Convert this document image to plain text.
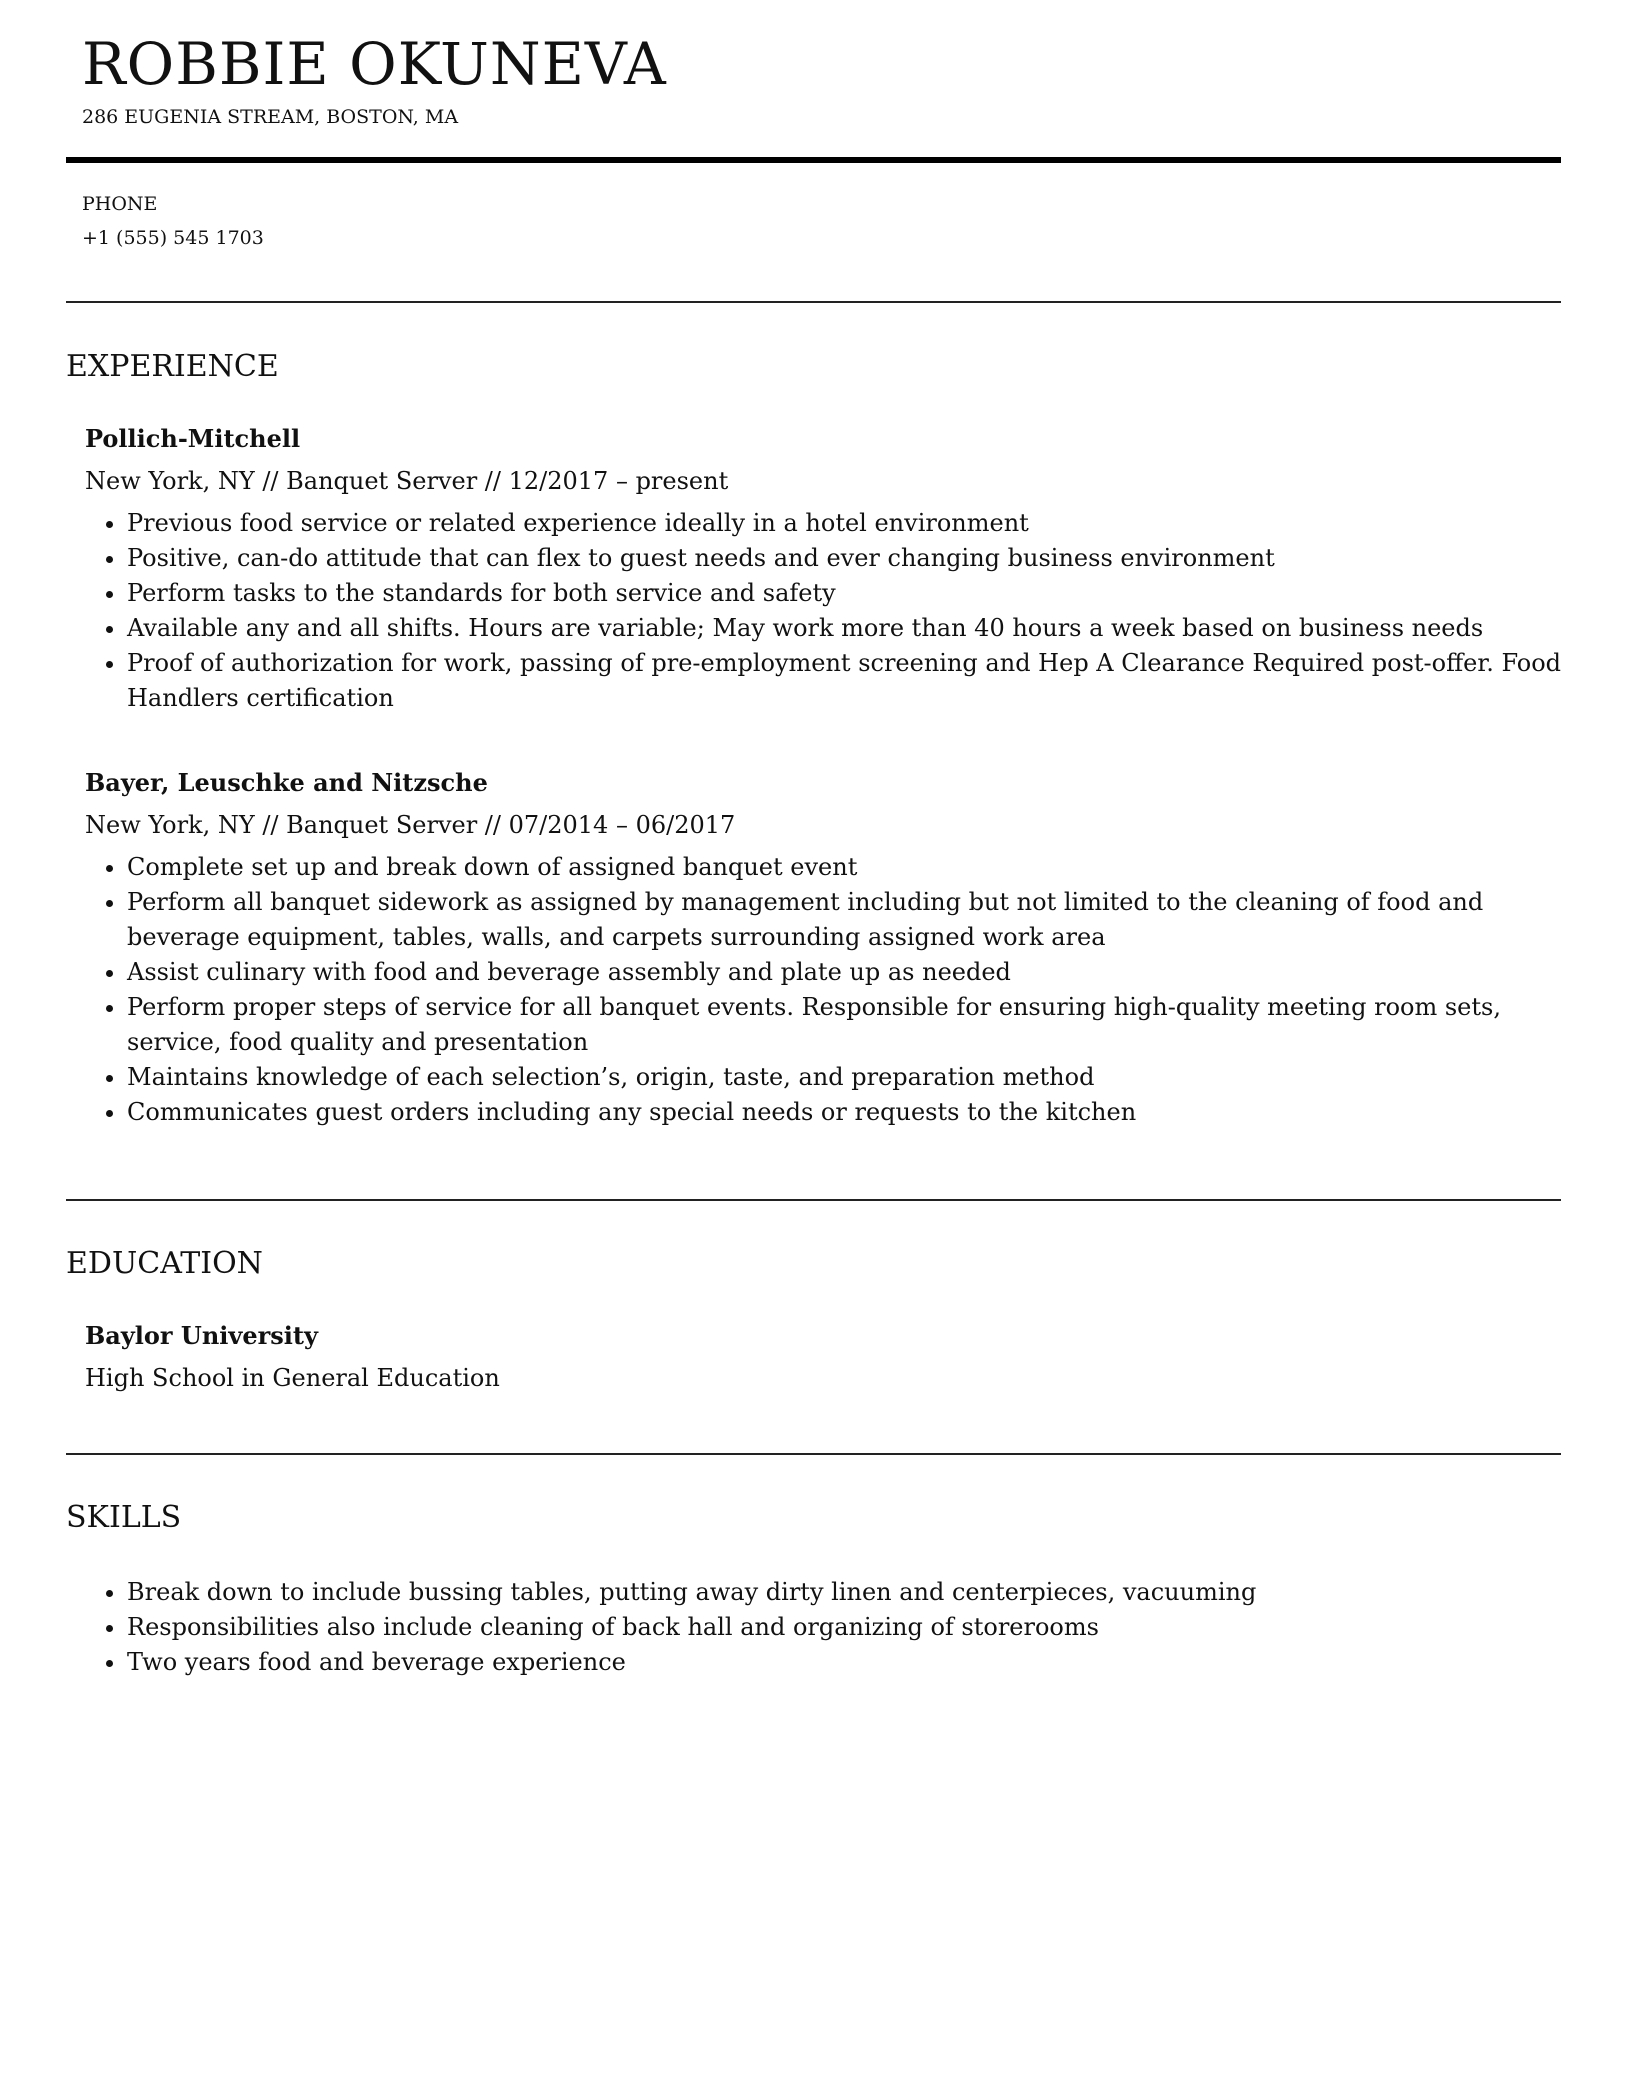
ROBBIE OKUNEVA
286 EUGENIA STREAM, BOSTON, MA
PHONE
+1 (555) 545 1703
EXPERIENCE
Pollich-Mitchell
New York, NY // Banquet Server // 12/2017 – present
• Previous food service or related experience ideally in a hotel environment
• Positive, can-do attitude that can flex to guest needs and ever changing business environment
• Perform tasks to the standards for both service and safety
• Available any and all shifts. Hours are variable; May work more than 40 hours a week based on business needs
• Proof of authorization for work, passing of pre-employment screening and Hep A Clearance Required post-offer. Food Handlers certification
Bayer, Leuschke and Nitzsche
New York, NY // Banquet Server // 07/2014 – 06/2017
• Complete set up and break down of assigned banquet event
• Perform all banquet sidework as assigned by management including but not limited to the cleaning of food and beverage equipment, tables, walls, and carpets surrounding assigned work area
• Assist culinary with food and beverage assembly and plate up as needed
• Perform proper steps of service for all banquet events. Responsible for ensuring high-quality meeting room sets, service, food quality and presentation
• Maintains knowledge of each selection’s, origin, taste, and preparation method
• Communicates guest orders including any special needs or requests to the kitchen
EDUCATION
Baylor University
High School in General Education
SKILLS
• Break down to include bussing tables, putting away dirty linen and centerpieces, vacuuming
• Responsibilities also include cleaning of back hall and organizing of storerooms
• Two years food and beverage experience
